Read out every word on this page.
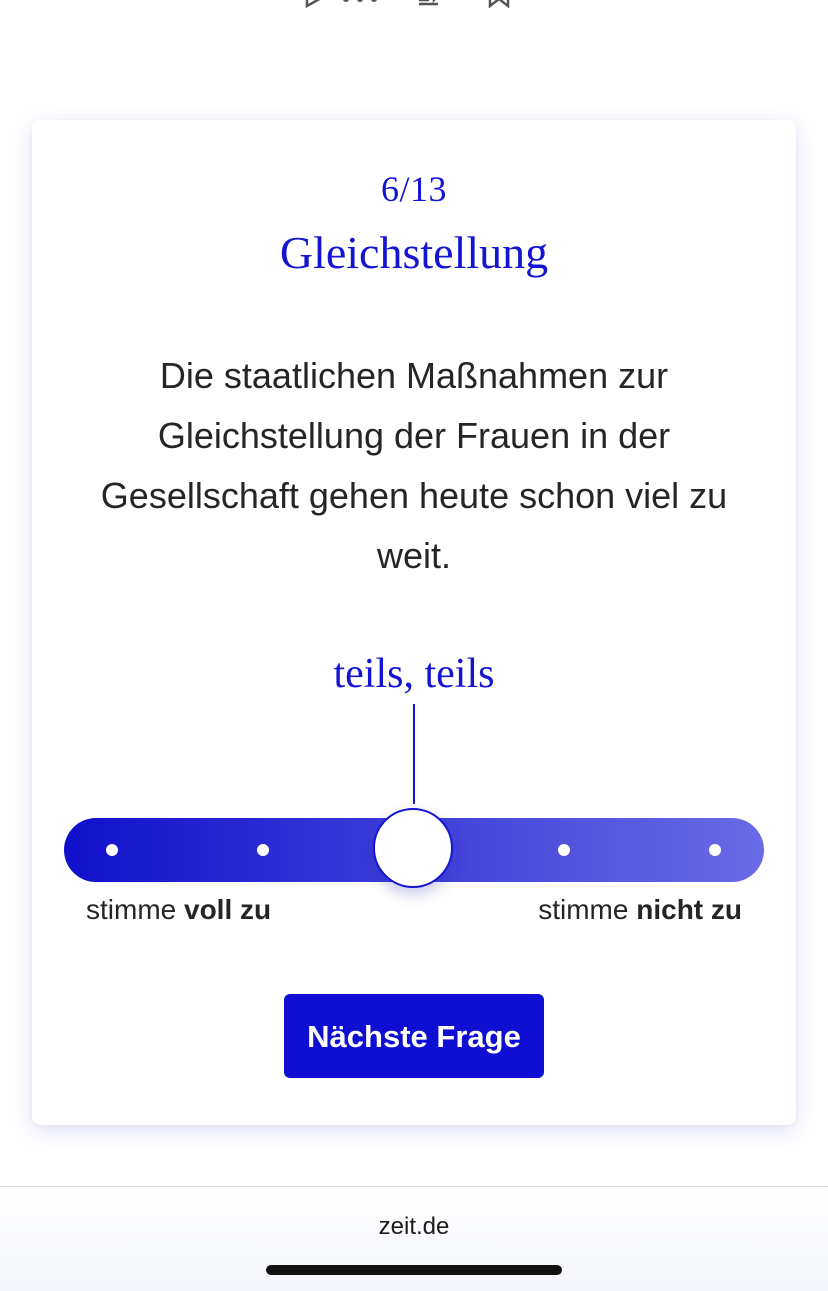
6/13
Gleichstellung
Die staatlichen Maßnahmen zur Gleichstellung der Frauen in der Gesellschaft gehen heute schon viel zu weit.
teils, teils
stimme voll zu	stimme nicht zu
Nächste Frage
zeit.de
